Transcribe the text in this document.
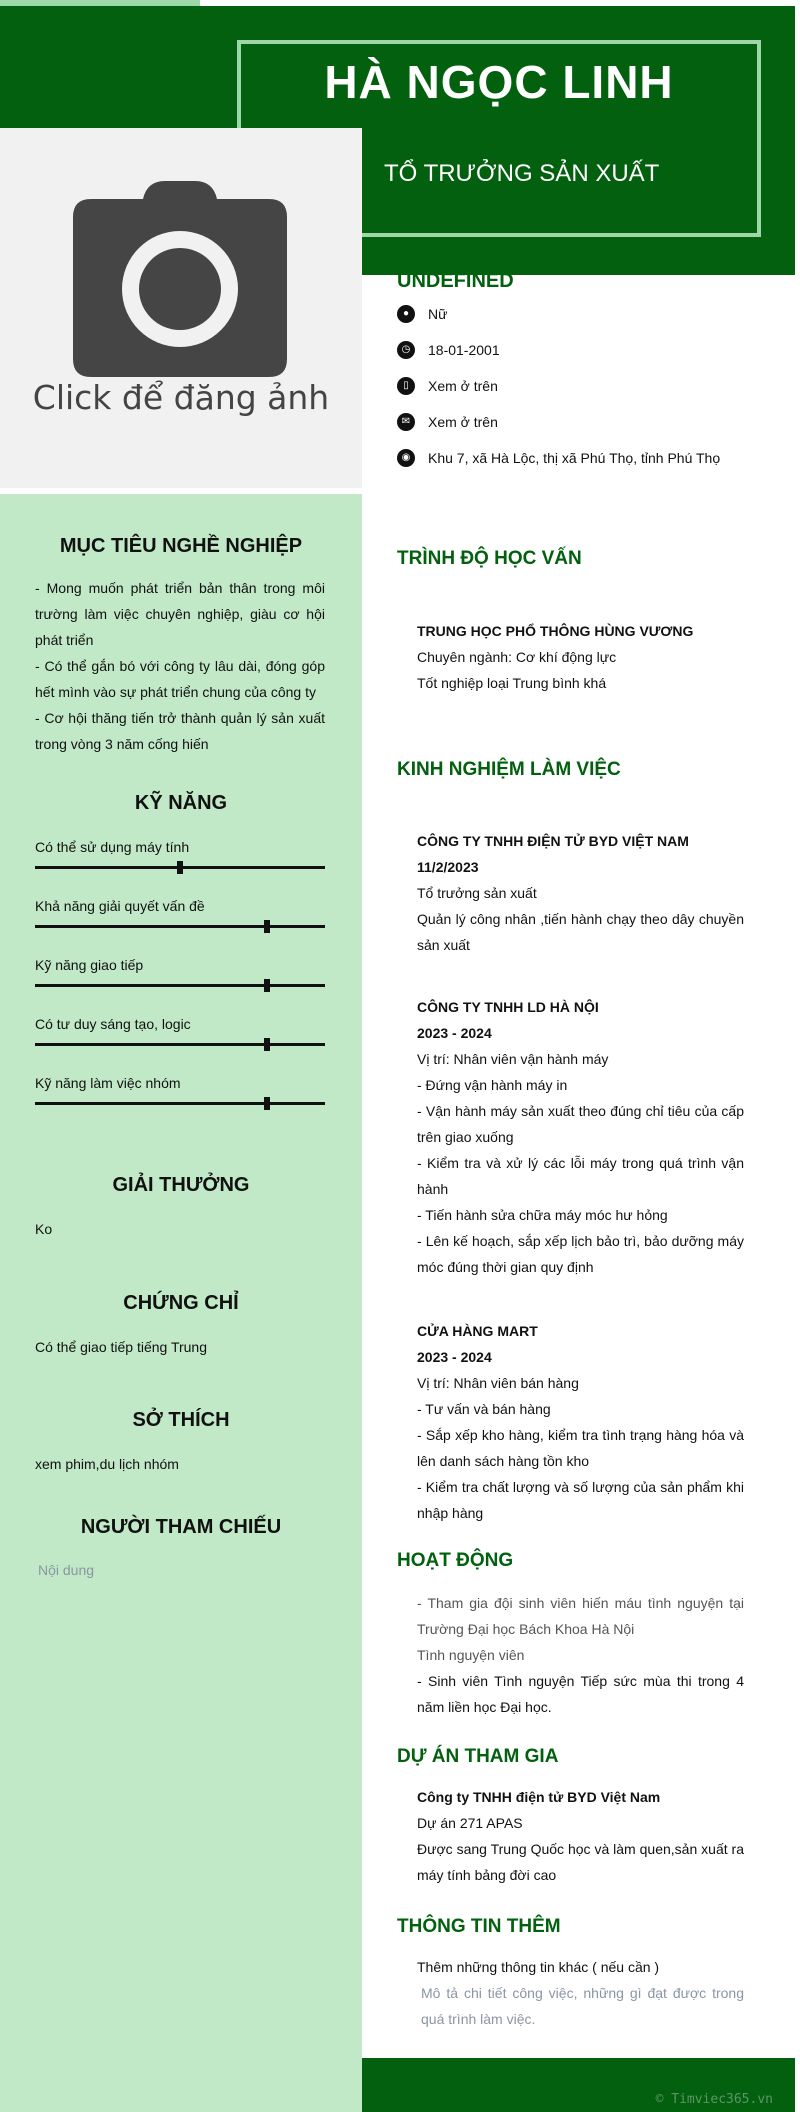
HÀ NGỌC LINH
TỔ TRƯỞNG SẢN XUẤT
Click để đăng ảnh
UNDEFINED
●	Nữ
◷	18-01-2001
▯	Xem ở trên
✉	Xem ở trên
◉	Khu 7, xã Hà Lộc, thị xã Phú Thọ, tỉnh Phú Thọ
MỤC TIÊU NGHỀ NGHIỆP
- Mong muốn phát triển bản thân trong môi trường làm việc chuyên nghiệp, giàu cơ hội phát triển
- Có thể gắn bó với công ty lâu dài, đóng góp hết mình vào sự phát triển chung của công ty
- Cơ hội thăng tiến trở thành quản lý sản xuất trong vòng 3 năm cống hiến
KỸ NĂNG
Có thể sử dụng máy tính
Khả năng giải quyết vấn đề
Kỹ năng giao tiếp
Có tư duy sáng tạo, logic
Kỹ năng làm việc nhóm
GIẢI THƯỞNG
Ko
CHỨNG CHỈ
Có thể giao tiếp tiếng Trung
SỞ THÍCH
xem phim,du lịch nhóm
NGƯỜI THAM CHIẾU
Nội dung
TRÌNH ĐỘ HỌC VẤN
TRUNG HỌC PHỔ THÔNG HÙNG VƯƠNG
Chuyên ngành: Cơ khí động lực
Tốt nghiệp loại Trung bình khá
KINH NGHIỆM LÀM VIỆC
CÔNG TY TNHH ĐIỆN TỬ BYD VIỆT NAM
11/2/2023
Tổ trưởng sản xuất
Quản lý công nhân ,tiến hành chạy theo dây chuyền sản xuất
CÔNG TY TNHH LD HÀ NỘI
2023 - 2024
Vị trí: Nhân viên vận hành máy
- Đứng vận hành máy in
- Vận hành máy sản xuất theo đúng chỉ tiêu của cấp trên giao xuống
- Kiểm tra và xử lý các lỗi máy trong quá trình vận hành
- Tiến hành sửa chữa máy móc hư hỏng
- Lên kế hoạch, sắp xếp lịch bảo trì, bảo dưỡng máy móc đúng thời gian quy định
CỬA HÀNG MART
2023 - 2024
Vị trí: Nhân viên bán hàng
- Tư vấn và bán hàng
- Sắp xếp kho hàng, kiểm tra tình trạng hàng hóa và lên danh sách hàng tồn kho
- Kiểm tra chất lượng và số lượng của sản phẩm khi nhập hàng
HOẠT ĐỘNG
- Tham gia đội sinh viên hiến máu tình nguyện tại Trường Đại học Bách Khoa Hà Nội
Tình nguyện viên
- Sinh viên Tình nguyện Tiếp sức mùa thi trong 4 năm liền học Đại học.
DỰ ÁN THAM GIA
Công ty TNHH điện tử BYD Việt Nam
Dự án 271 APAS
Được sang Trung Quốc học và làm quen,sản xuất ra máy tính bảng đời cao
THÔNG TIN THÊM
Thêm những thông tin khác ( nếu cần )
Mô tả chi tiết công việc, những gì đạt được trong quá trình làm việc.
© Timviec365.vn
